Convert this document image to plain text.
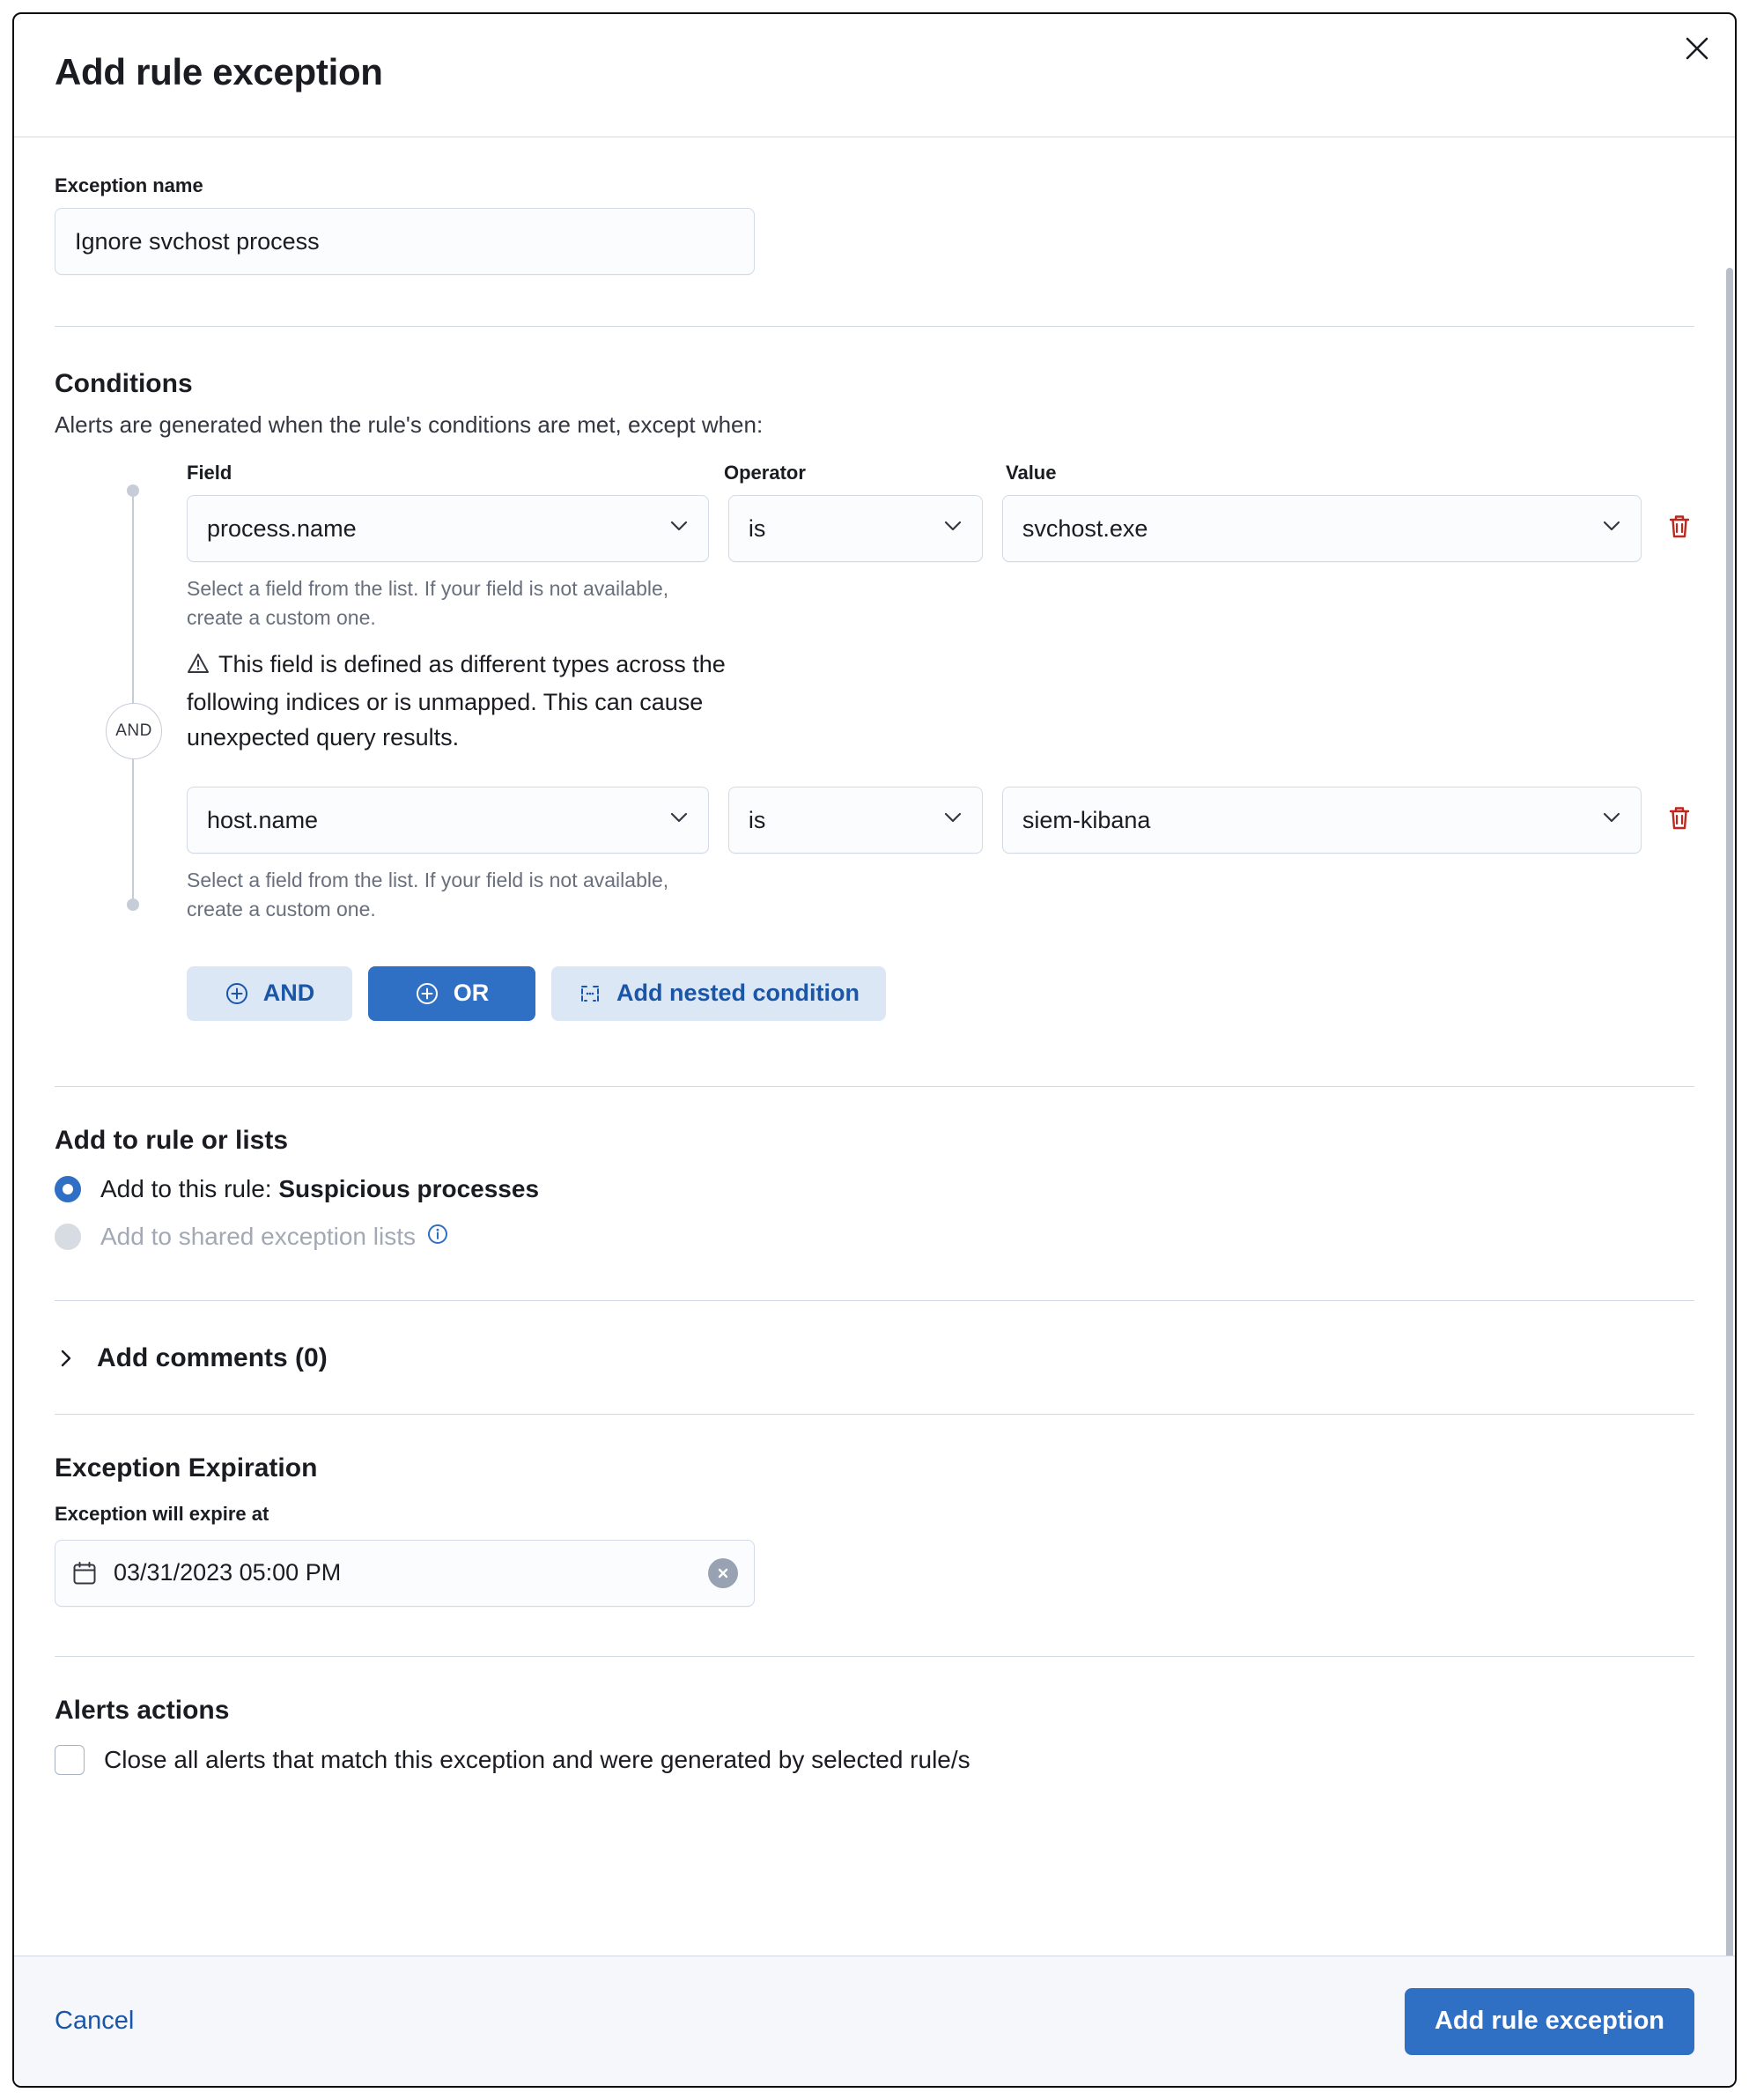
Add rule exception
Exception name
Ignore svchost process
Conditions
Alerts are generated when the rule's conditions are met, except when:
AND
Field	Operator	Value
process.name	is	svchost.exe
Select a field from the list. If your field is not available, create a custom one.
This field is defined as different types across the following indices or is unmapped. This can cause unexpected query results.
host.name	is	siem-kibana
Select a field from the list. If your field is not available, create a custom one.
AND	OR	Add nested condition
Add to rule or lists
Add to this rule: Suspicious processes
Add to shared exception lists
Add comments (0)
Exception Expiration
Exception will expire at
03/31/2023 05:00 PM
Alerts actions
Close all alerts that match this exception and were generated by selected rule/s
Cancel	Add rule exception
